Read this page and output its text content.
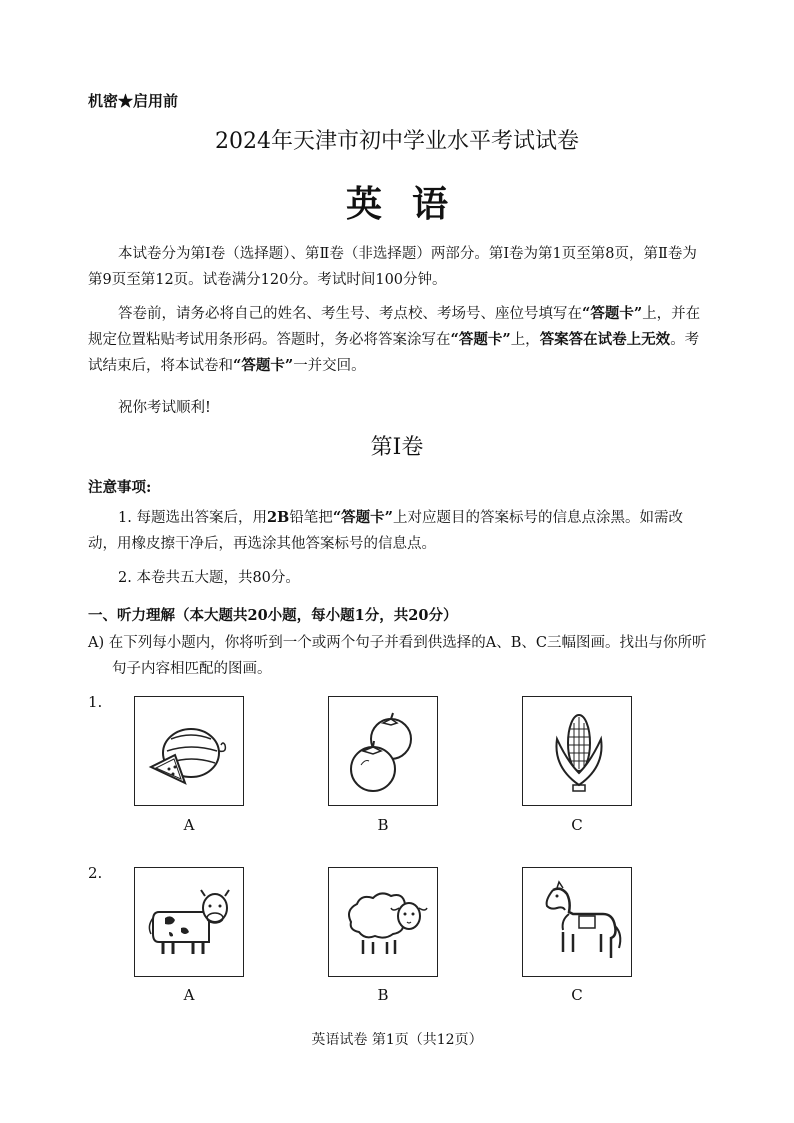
机密★启用前
2024年天津市初中学业水平考试试卷
英语
本试卷分为第Ⅰ卷（选择题）、第Ⅱ卷（非选择题）两部分。第Ⅰ卷为第1页至第8页，第Ⅱ卷为第9页至第12页。试卷满分120分。考试时间100分钟。
答卷前，请务必将自己的姓名、考生号、考点校、考场号、座位号填写在“答题卡”上，并在规定位置粘贴考试用条形码。答题时，务必将答案涂写在“答题卡”上，答案答在试卷上无效。考试结束后，将本试卷和“答题卡”一并交回。
祝你考试顺利!
第Ⅰ卷
注意事项:
1. 每题选出答案后，用2B铅笔把“答题卡”上对应题目的答案标号的信息点涂黑。如需改动，用橡皮擦干净后，再选涂其他答案标号的信息点。
2. 本卷共五大题，共80分。
一、听力理解（本大题共20小题，每小题1分，共20分）
A) 在下列每小题内，你将听到一个或两个句子并看到供选择的A、B、C三幅图画。找出与你所听句子内容相匹配的图画。
1.
A	B	C
2.
A	B	C
英语试卷 第1页（共12页）
